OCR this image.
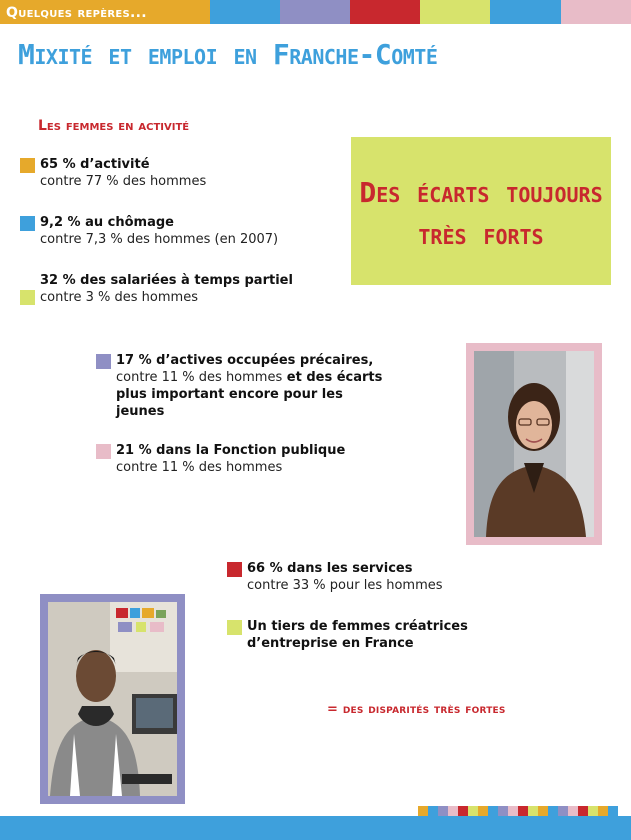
Quelques repères...
Mixité et emploi en Franche-Comté
Les femmes en activité
65 % d’activité
contre 77 % des hommes
9,2 % au chômage
contre 7,3 % des hommes (en 2007)
32 % des salariées à temps partiel
contre 3 % des hommes
Des écarts toujours très forts
17 % d’actives occupées précaires,
contre 11 % des hommes et des écarts plus important encore pour les jeunes
21 % dans la Fonction publique
contre 11 % des hommes
66 % dans les services
contre 33 % pour les hommes
Un tiers de femmes créatrices d’entreprise en France
= des disparités très fortes
